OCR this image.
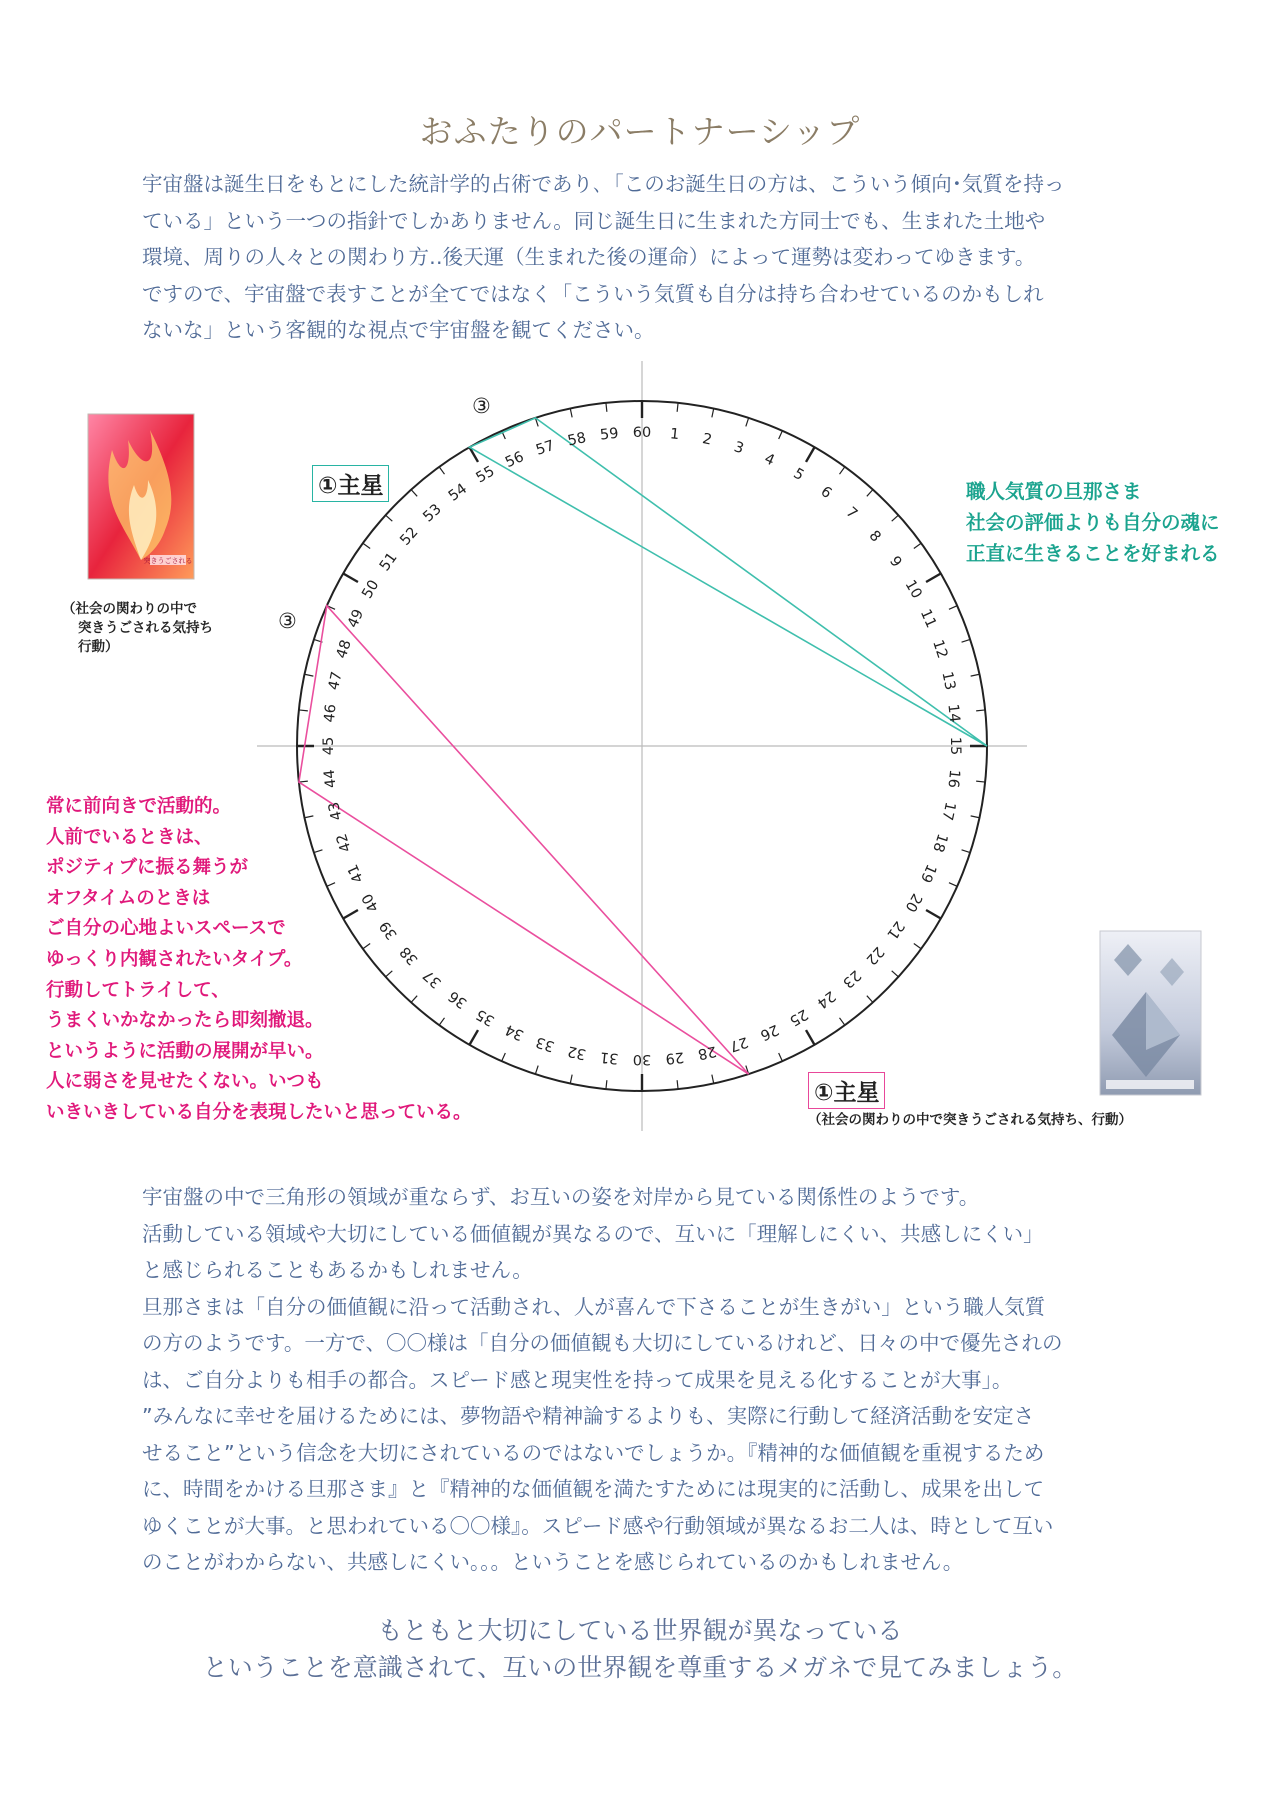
おふたりのパートナーシップ
宇宙盤は誕生日をもとにした統計学的占術であり､「このお誕生日の方は、こういう傾向･気質を持っ
ている」という一つの指針でしかありません。同じ誕生日に生まれた方同士でも、生まれた土地や
環境、周りの人々との関わり方‥後天運（生まれた後の運命）によって運勢は変わってゆきます。
ですので、宇宙盤で表すことが全てではなく「こういう気質も自分は持ち合わせているのかもしれ
ないな」という客観的な視点で宇宙盤を観てください。
1 2 3
4
5
6
7
8
9
10
11
12
13
14
15
16
17
18
19
20
21
22
23
24
25
26
27
28
29
30
31
32
33
34
35
36
37
38
39
40
41
42
43
44
45
46
47
48
49
50
51
52
53
54
55
56
57 58 59 60
突きうごされる
③
③
①主星
①主星
（社会の関わりの中で
突きうごされる気持ち
行動）
（社会の関わりの中で突きうごされる気持ち、行動）
職人気質の旦那さま
社会の評価よりも自分の魂に
正直に生きることを好まれる
常に前向きで活動的。
人前でいるときは、
ポジティブに振る舞うが
オフタイムのときは
ご自分の心地よいスペースで
ゆっくり内観されたいタイプ。
行動してトライして、
うまくいかなかったら即刻撤退。
というように活動の展開が早い。
人に弱さを見せたくない。いつも
いきいきしている自分を表現したいと思っている。
宇宙盤の中で三角形の領域が重ならず、お互いの姿を対岸から見ている関係性のようです。
活動している領域や大切にしている価値観が異なるので、互いに「理解しにくい、共感しにくい」
と感じられることもあるかもしれません。
旦那さまは「自分の価値観に沿って活動され、人が喜んで下さることが生きがい」という職人気質
の方のようです。一方で、〇〇様は「自分の価値観も大切にしているけれど、日々の中で優先されの
は、ご自分よりも相手の都合。スピード感と現実性を持って成果を見える化することが大事」。
”みんなに幸せを届けるためには、夢物語や精神論するよりも、実際に行動して経済活動を安定さ
せること”という信念を大切にされているのではないでしょうか。『精神的な価値観を重視するため
に、時間をかける旦那さま』と『精神的な価値観を満たすためには現実的に活動し、成果を出して
ゆくことが大事。と思われている〇〇様』。スピード感や行動領域が異なるお二人は、時として互い
のことがわからない、共感しにくい。。。ということを感じられているのかもしれません。
もともと大切にしている世界観が異なっている
ということを意識されて、互いの世界観を尊重するメガネで見てみましょう。
